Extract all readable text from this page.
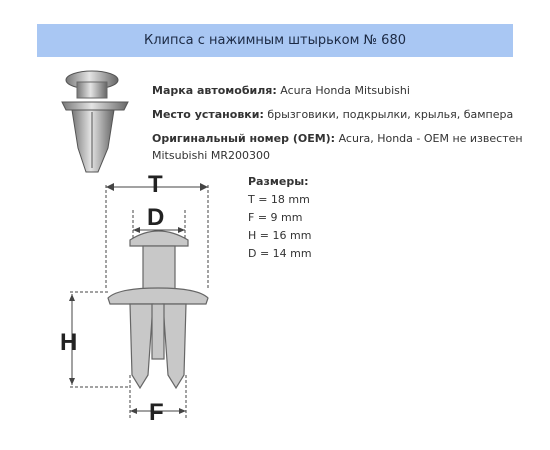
Клипса с нажимным штырьком № 680
Марка автомобиля: Acura Honda Mitsubishi
Место установки: брызговики, подкрылки, крылья, бампера
Оригинальный номер (OEM): Acura, Honda - OEM не известен
Mitsubishi MR200300
Размеры:
T = 18 mm
F = 9 mm
H = 16 mm
D = 14 mm
T
D
H
F
